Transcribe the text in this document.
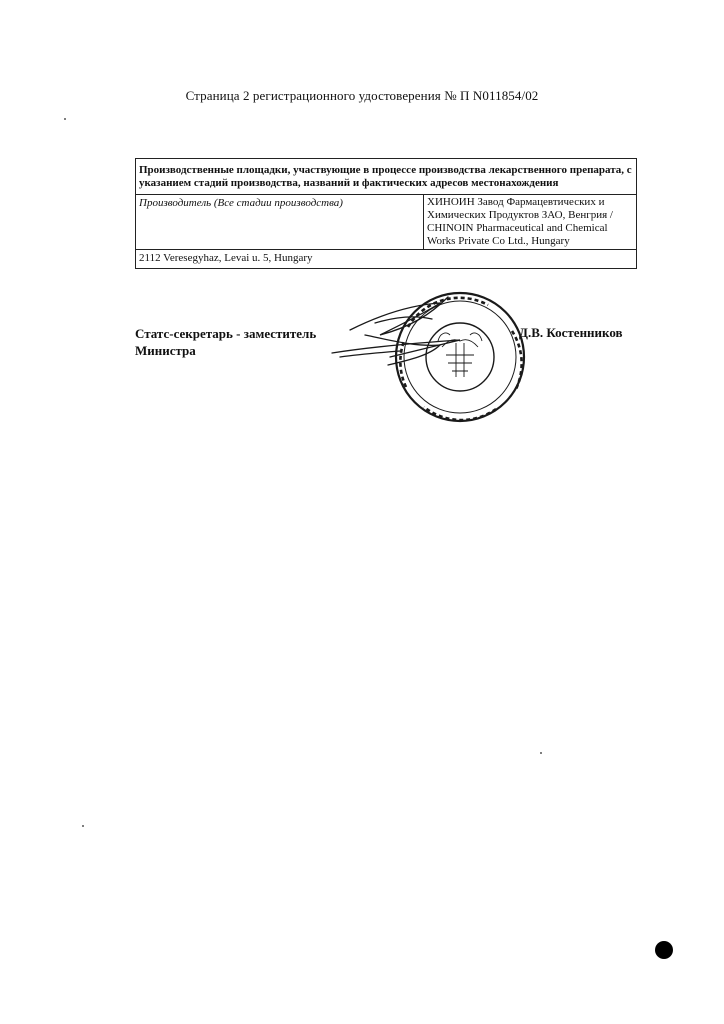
Страница 2 регистрационного удостоверения № П N011854/02
Производственные площадки, участвующие в процессе производства лекарственного препарата, с указанием стадий производства, названий и фактических адресов местонахождения
Производитель (Все стадии производства)	ХИНОИН Завод Фармацевтических и Химических Продуктов ЗАО, Венгрия / CHINOIN Pharmaceutical and Chemical Works Private Co Ltd., Hungary
2112 Veresegyhaz, Levai u. 5, Hungary
Статс-секретарь - заместитель Министра
Д.В. Костенников
